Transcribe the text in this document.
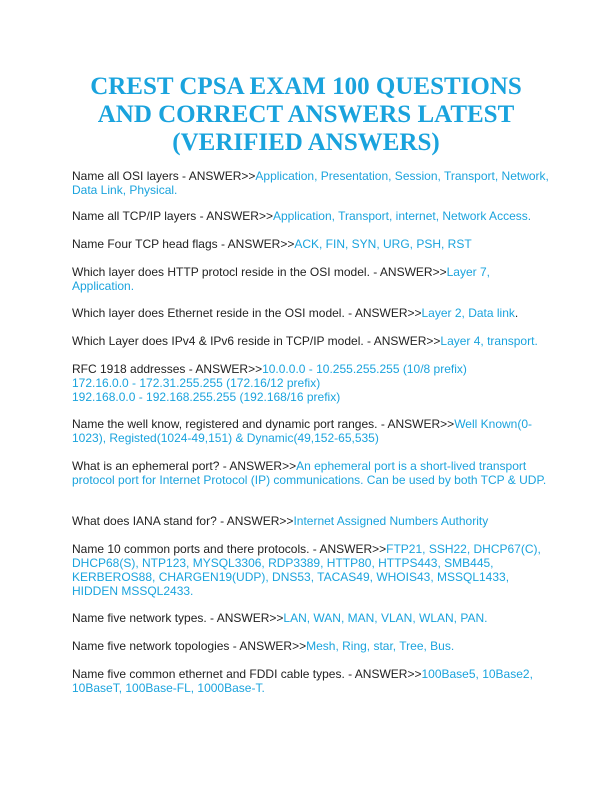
CREST CPSA EXAM 100 QUESTIONS
AND CORRECT ANSWERS LATEST
(VERIFIED ANSWERS)

Name all OSI layers - ANSWER>>Application, Presentation, Session, Transport, Network, Data Link, Physical.

Name all TCP/IP layers - ANSWER>>Application, Transport, internet, Network Access.

Name Four TCP head flags - ANSWER>>ACK, FIN, SYN, URG, PSH, RST

Which layer does HTTP protocl reside in the OSI model. - ANSWER>>Layer 7, Application.

Which layer does Ethernet reside in the OSI model. - ANSWER>>Layer 2, Data link.

Which Layer does IPv4 & IPv6 reside in TCP/IP model. - ANSWER>>Layer 4, transport.

RFC 1918 addresses - ANSWER>>10.0.0.0 - 10.255.255.255 (10/8 prefix)
172.16.0.0 - 172.31.255.255 (172.16/12 prefix)
192.168.0.0 - 192.168.255.255 (192.168/16 prefix)

Name the well know, registered and dynamic port ranges. - ANSWER>>Well Known(0-1023), Registed(1024-49,151) & Dynamic(49,152-65,535)

What is an ephemeral port? - ANSWER>>An ephemeral port is a short-lived transport protocol port for Internet Protocol (IP) communications. Can be used by both TCP & UDP.

What does IANA stand for? - ANSWER>>Internet Assigned Numbers Authority

Name 10 common ports and there protocols. - ANSWER>>FTP21, SSH22, DHCP67(C), DHCP68(S), NTP123, MYSQL3306, RDP3389, HTTP80, HTTPS443, SMB445, KERBEROS88, CHARGEN19(UDP), DNS53, TACAS49, WHOIS43, MSSQL1433, HIDDEN MSSQL2433.

Name five network types. - ANSWER>>LAN, WAN, MAN, VLAN, WLAN, PAN.

Name five network topologies - ANSWER>>Mesh, Ring, star, Tree, Bus.

Name five common ethernet and FDDI cable types. - ANSWER>>100Base5, 10Base2, 10BaseT, 100Base-FL, 1000Base-T.
